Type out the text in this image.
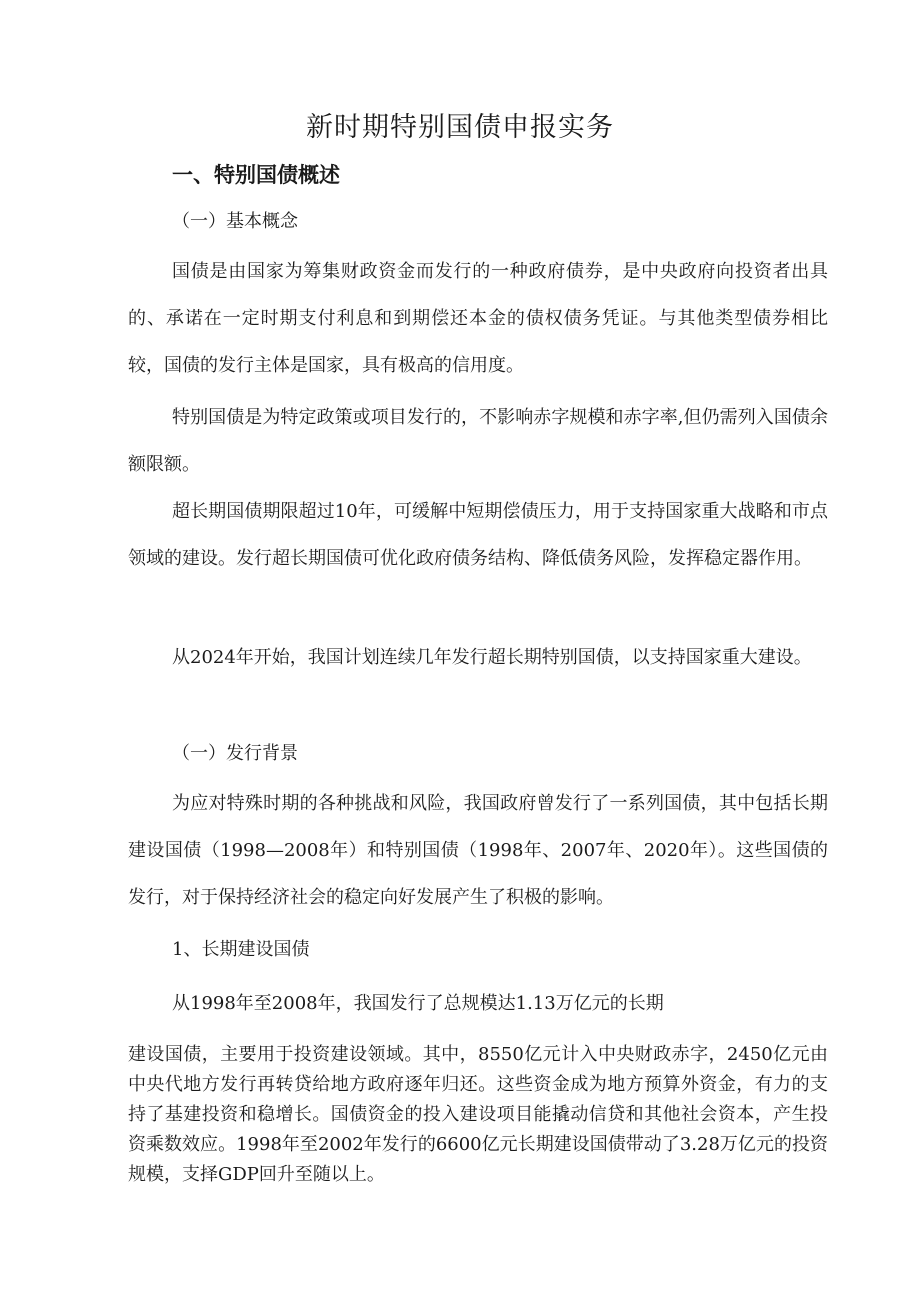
新时期特别国债申报实务
一、特别国债概述
（一）基本概念

国债是由国家为筹集财政资金而发行的一种政府债券，是中央政府向投资者出具的、承诺在一定时期支付利息和到期偿还本金的债权债务凭证。与其他类型债券相比较，国债的发行主体是国家，具有极高的信用度。

特别国债是为特定政策或项目发行的，不影响赤字规模和赤字率,但仍需列入国债余额限额。

超长期国债期限超过10年，可缓解中短期偿债压力，用于支持国家重大战略和市点领域的建设。发行超长期国债可优化政府债务结构、降低债务风险，发挥稳定器作用。

从2024年开始，我国计划连续几年发行超长期特别国债，以支持国家重大建设。

（一）发行背景

为应对特殊时期的各种挑战和风险，我国政府曾发行了一系列国债，其中包括长期建设国债（1998—2008年）和特别国债（1998年、2007年、2020年）。这些国债的发行，对于保持经济社会的稳定向好发展产生了积极的影响。

1、长期建设国债

从1998年至2008年，我国发行了总规模达1.13万亿元的长期

建设国债，主要用于投资建设领域。其中，8550亿元计入中央财政赤字，2450亿元由中央代地方发行再转贷给地方政府逐年归还。这些资金成为地方预算外资金，有力的支持了基建投资和稳增长。国债资金的投入建设项目能撬动信贷和其他社会资本，产生投资乘数效应。1998年至2002年发行的6600亿元长期建设国债带动了3.28万亿元的投资规模，支择GDP回升至随以上。
